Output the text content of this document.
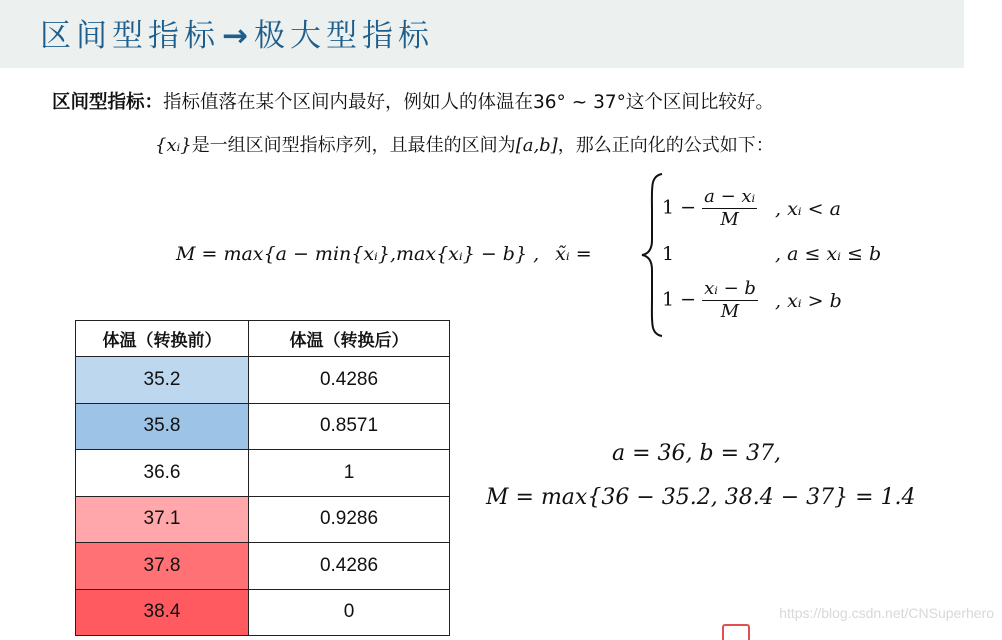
区间型指标→ 极大型指标
区间型指标：指标值落在某个区间内最好，例如人的体温在36° ~ 37°这个区间比较好。
{xᵢ}是一组区间型指标序列，且最佳的区间为[a,b]，那么正向化的公式如下：
M = max{a − min{xᵢ},max{xᵢ} − b} , x̃ᵢ =
$1 - \frac{\text{a − xᵢ}}{M}$ , xᵢ < a
1	, a ≤ xᵢ ≤ b
$1 - \frac{\text{xᵢ − b}}{M}$ , xᵢ > b
体温（转换前）	体温（转换后）
35.2	0.4286
35.8	0.8571
36.6	1
37.1	0.9286
37.8	0.4286
38.4	0
a = 36, b = 37,
M = max{36 − 35.2, 38.4 − 37} = 1.4
https://blog.csdn.net/CNSuperhero
